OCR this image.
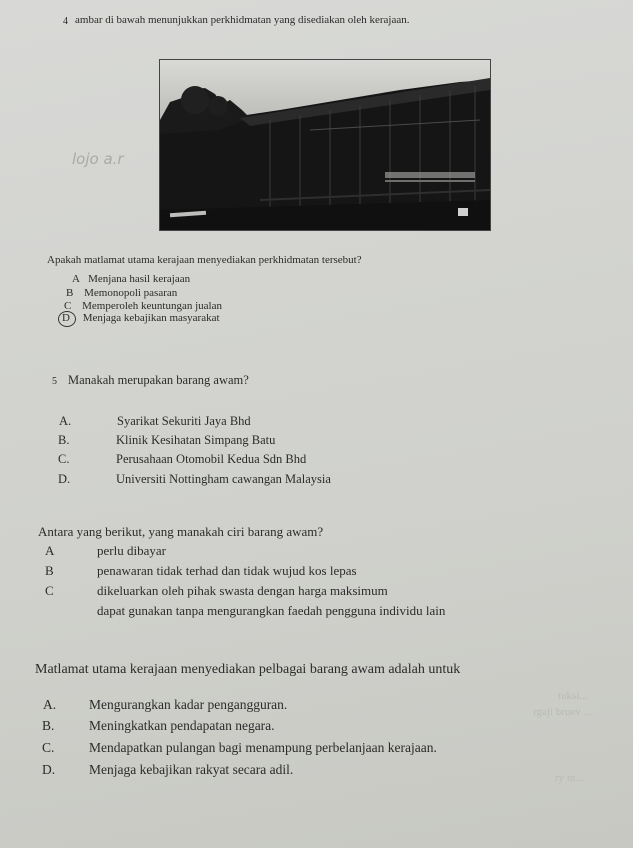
4 ambar di bawah menunjukkan perkhidmatan yang disediakan oleh kerajaan.
lojo a.r
Apakah matlamat utama kerajaan menyediakan perkhidmatan tersebut?
A Menjana hasil kerajaan
B Memonopoli pasaran
C Memperoleh keuntungan jualan
D Menjaga kebajikan masyarakat
5 Manakah merupakan barang awam?
A.	Syarikat Sekuriti Jaya Bhd
B.	Klinik Kesihatan Simpang Batu
C.	Perusahaan Otomobil Kedua Sdn Bhd
D.	Universiti Nottingham cawangan Malaysia
Antara yang berikut, yang manakah ciri barang awam?
A	perlu dibayar
B	penawaran tidak terhad dan tidak wujud kos lepas
C	dikeluarkan oleh pihak swasta dengan harga maksimum
dapat gunakan tanpa mengurangkan faedah pengguna individu lain
Matlamat utama kerajaan menyediakan pelbagai barang awam adalah untuk
A. Mengurangkan kadar pengangguran.
B.	Meningkatkan pendapatan negara.
C.	Mendapatkan pulangan bagi menampung perbelanjaan kerajaan.
D.	Menjaga kebajikan rakyat secara adil.
tuksi...
rgaji bruev ...
ry m...
